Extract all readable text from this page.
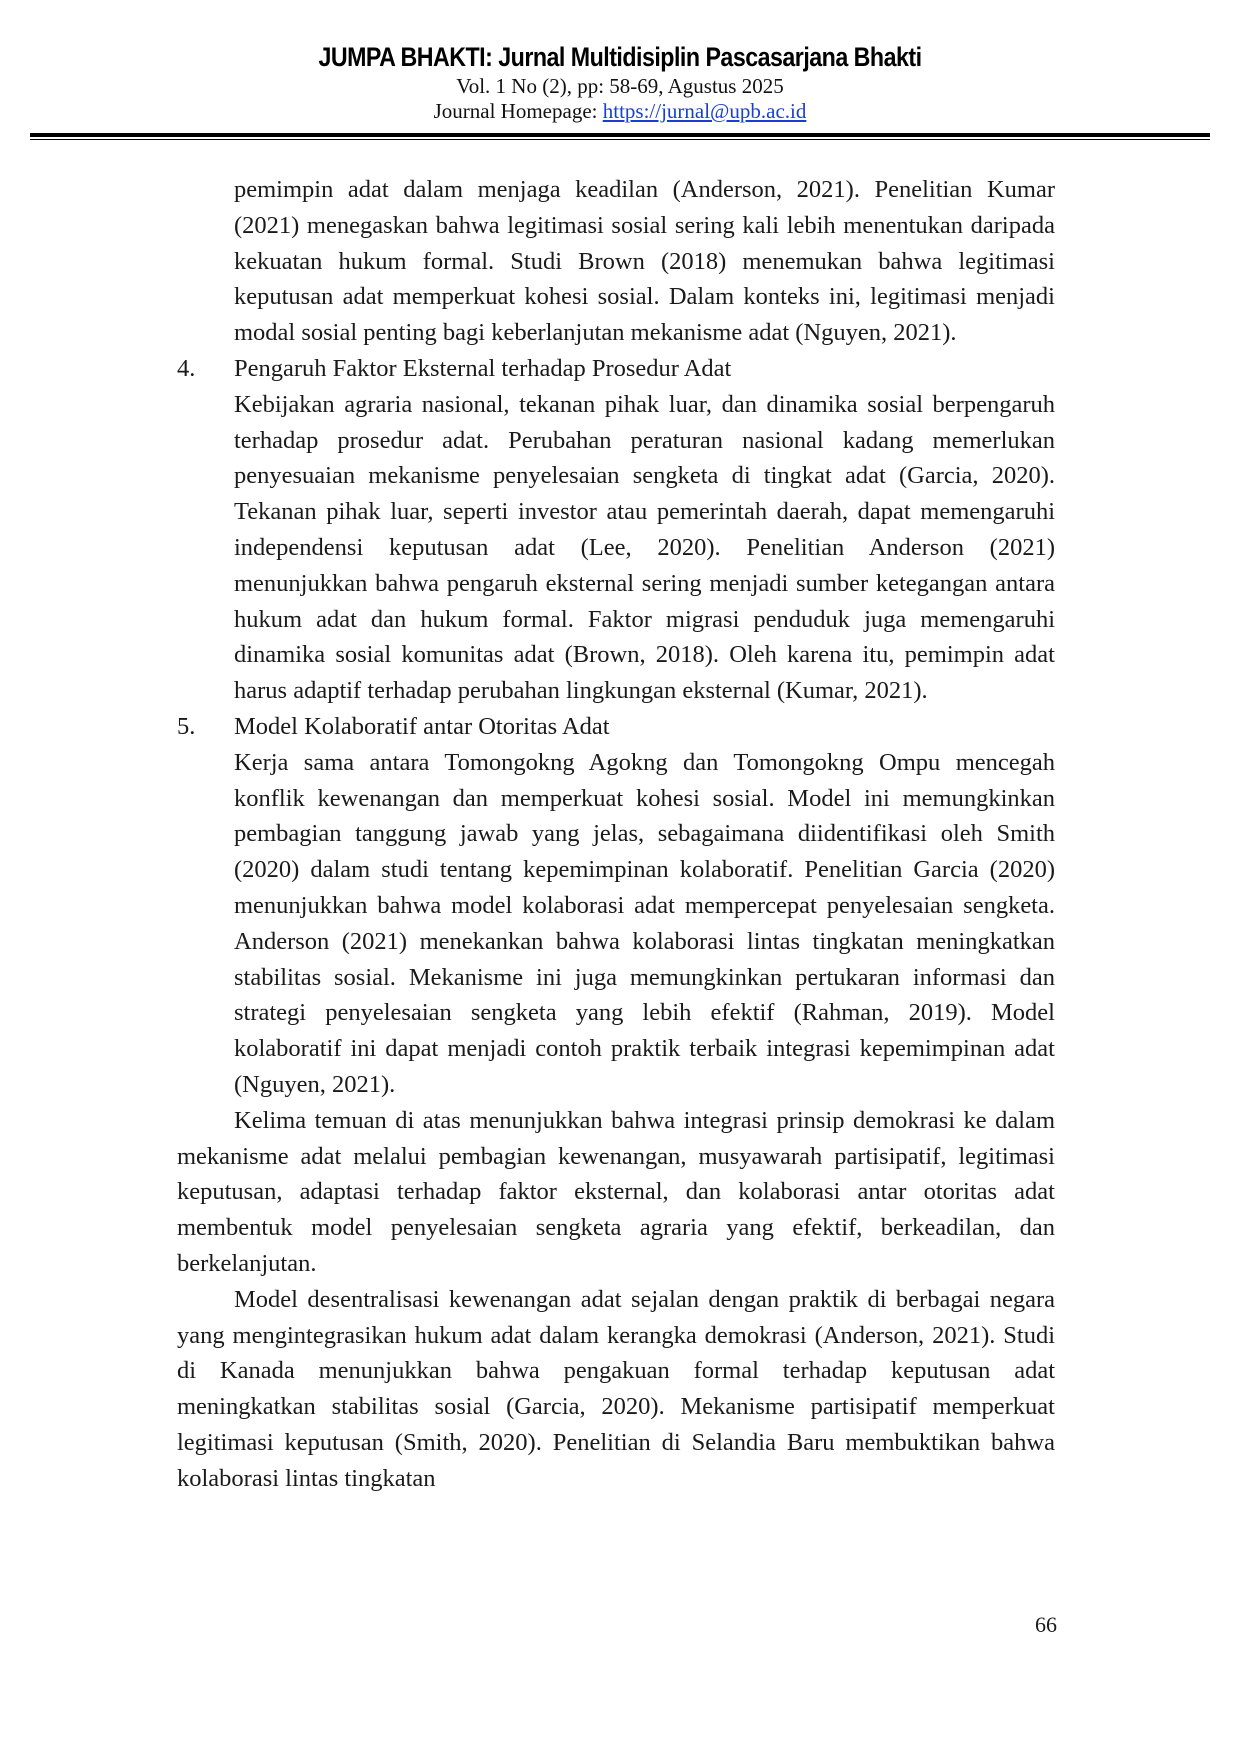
JUMPA BHAKTI: Jurnal Multidisiplin Pascasarjana Bhakti
Vol. 1 No (2), pp: 58-69, Agustus 2025
Journal Homepage: https://jurnal@upb.ac.id

pemimpin adat dalam menjaga keadilan (Anderson, 2021). Penelitian Kumar (2021) menegaskan bahwa legitimasi sosial sering kali lebih menentukan daripada kekuatan hukum formal. Studi Brown (2018) menemukan bahwa legitimasi keputusan adat memperkuat kohesi sosial. Dalam konteks ini, legitimasi menjadi modal sosial penting bagi keberlanjutan mekanisme adat (Nguyen, 2021).

4.	Pengaruh Faktor Eksternal terhadap Prosedur Adat

Kebijakan agraria nasional, tekanan pihak luar, dan dinamika sosial berpengaruh terhadap prosedur adat. Perubahan peraturan nasional kadang memerlukan penyesuaian mekanisme penyelesaian sengketa di tingkat adat (Garcia, 2020). Tekanan pihak luar, seperti investor atau pemerintah daerah, dapat memengaruhi independensi keputusan adat (Lee, 2020). Penelitian Anderson (2021) menunjukkan bahwa pengaruh eksternal sering menjadi sumber ketegangan antara hukum adat dan hukum formal. Faktor migrasi penduduk juga memengaruhi dinamika sosial komunitas adat (Brown, 2018). Oleh karena itu, pemimpin adat harus adaptif terhadap perubahan lingkungan eksternal (Kumar, 2021).

5.	Model Kolaboratif antar Otoritas Adat

Kerja sama antara Tomongokng Agokng dan Tomongokng Ompu mencegah konflik kewenangan dan memperkuat kohesi sosial. Model ini memungkinkan pembagian tanggung jawab yang jelas, sebagaimana diidentifikasi oleh Smith (2020) dalam studi tentang kepemimpinan kolaboratif. Penelitian Garcia (2020) menunjukkan bahwa model kolaborasi adat mempercepat penyelesaian sengketa. Anderson (2021) menekankan bahwa kolaborasi lintas tingkatan meningkatkan stabilitas sosial. Mekanisme ini juga memungkinkan pertukaran informasi dan strategi penyelesaian sengketa yang lebih efektif (Rahman, 2019). Model kolaboratif ini dapat menjadi contoh praktik terbaik integrasi kepemimpinan adat (Nguyen, 2021).

Kelima temuan di atas menunjukkan bahwa integrasi prinsip demokrasi ke dalam mekanisme adat melalui pembagian kewenangan, musyawarah partisipatif, legitimasi keputusan, adaptasi terhadap faktor eksternal, dan kolaborasi antar otoritas adat membentuk model penyelesaian sengketa agraria yang efektif, berkeadilan, dan berkelanjutan.

Model desentralisasi kewenangan adat sejalan dengan praktik di berbagai negara yang mengintegrasikan hukum adat dalam kerangka demokrasi (Anderson, 2021). Studi di Kanada menunjukkan bahwa pengakuan formal terhadap keputusan adat meningkatkan stabilitas sosial (Garcia, 2020). Mekanisme partisipatif memperkuat legitimasi keputusan (Smith, 2020). Penelitian di Selandia Baru membuktikan bahwa kolaborasi lintas tingkatan

66
